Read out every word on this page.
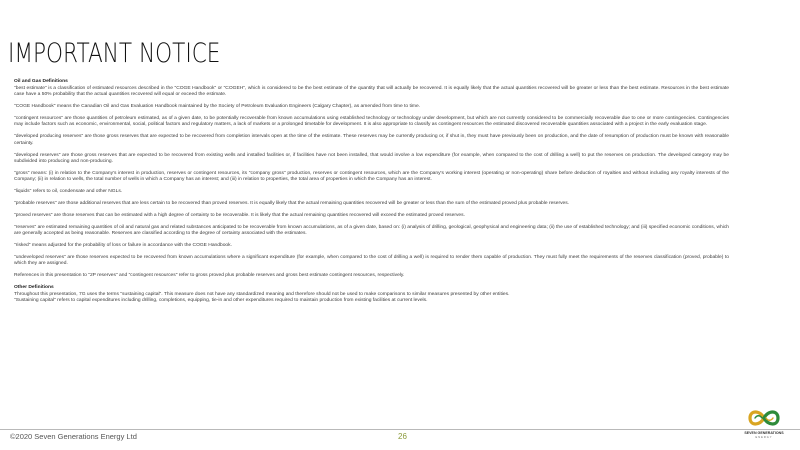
IMPORTANT NOTICE
Oil and Gas Definitions

"best estimate" is a classification of estimated resources described in the "COGE Handbook" or "COGEH", which is considered to be the best estimate of the quantity that will actually be recovered. It is equally likely that the actual quantities recovered will be greater or less than the best estimate. Resources in the best estimate case have a 50% probability that the actual quantities recovered will equal or exceed the estimate.

"COGE Handbook" means the Canadian Oil and Gas Evaluation Handbook maintained by the Society of Petroleum Evaluation Engineers (Calgary Chapter), as amended from time to time.

"contingent resources" are those quantities of petroleum estimated, as of a given date, to be potentially recoverable from known accumulations using established technology or technology under development, but which are not currently considered to be commercially recoverable due to one or more contingencies. Contingencies may include factors such as economic, environmental, social, political factors and regulatory matters, a lack of markets or a prolonged timetable for development. It is also appropriate to classify as contingent resources the estimated discovered recoverable quantities associated with a project in the early evaluation stage.

"developed producing reserves" are those gross reserves that are expected to be recovered from completion intervals open at the time of the estimate. These reserves may be currently producing or, if shut in, they must have previously been on production, and the date of resumption of production must be known with reasonable certainty.

"developed reserves" are those gross reserves that are expected to be recovered from existing wells and installed facilities or, if facilities have not been installed, that would involve a low expenditure (for example, when compared to the cost of drilling a well) to put the reserves on production. The developed category may be subdivided into producing and non-producing.

"gross" means: (i) in relation to the Company's interest in production, reserves or contingent resources, its "company gross" production, reserves or contingent resources, which are the Company's working interest (operating or non-operating) share before deduction of royalties and without including any royalty interests of the Company; (ii) in relation to wells, the total number of wells in which a Company has an interest; and (iii) in relation to properties, the total area of properties in which the Company has an interest.

"liquids" refers to oil, condensate and other NGLs.

"probable reserves" are those additional reserves that are less certain to be recovered than proved reserves. It is equally likely that the actual remaining quantities recovered will be greater or less than the sum of the estimated proved plus probable reserves.

"proved reserves" are those reserves that can be estimated with a high degree of certainty to be recoverable. It is likely that the actual remaining quantities recovered will exceed the estimated proved reserves.

"reserves" are estimated remaining quantities of oil and natural gas and related substances anticipated to be recoverable from known accumulations, as of a given date, based on: (i) analysis of drilling, geological, geophysical and engineering data; (ii) the use of established technology; and (iii) specified economic conditions, which are generally accepted as being reasonable. Reserves are classified according to the degree of certainty associated with the estimates.

"risked" means adjusted for the probability of loss or failure in accordance with the COGE Handbook.

"undeveloped reserves" are those reserves expected to be recovered from known accumulations where a significant expenditure (for example, when compared to the cost of drilling a well) is required to render them capable of production. They must fully meet the requirements of the reserves classification (proved, probable) to which they are assigned.

References in this presentation to "2P reserves" and "contingent resources" refer to gross proved plus probable reserves and gross best estimate contingent resources, respectively.

Other Definitions
Throughout this presentation, 7G uses the terms "sustaining capital". This measure does not have any standardized meaning and therefore should not be used to make comparisons to similar measures presented by other entities.
"Sustaining capital" refers to capital expenditures including drilling, completions, equipping, tie-in and other expenditures required to maintain production from existing facilities at current levels.
©2020 Seven Generations Energy Ltd	26	SEVEN GENERATIONS
ENERGY
